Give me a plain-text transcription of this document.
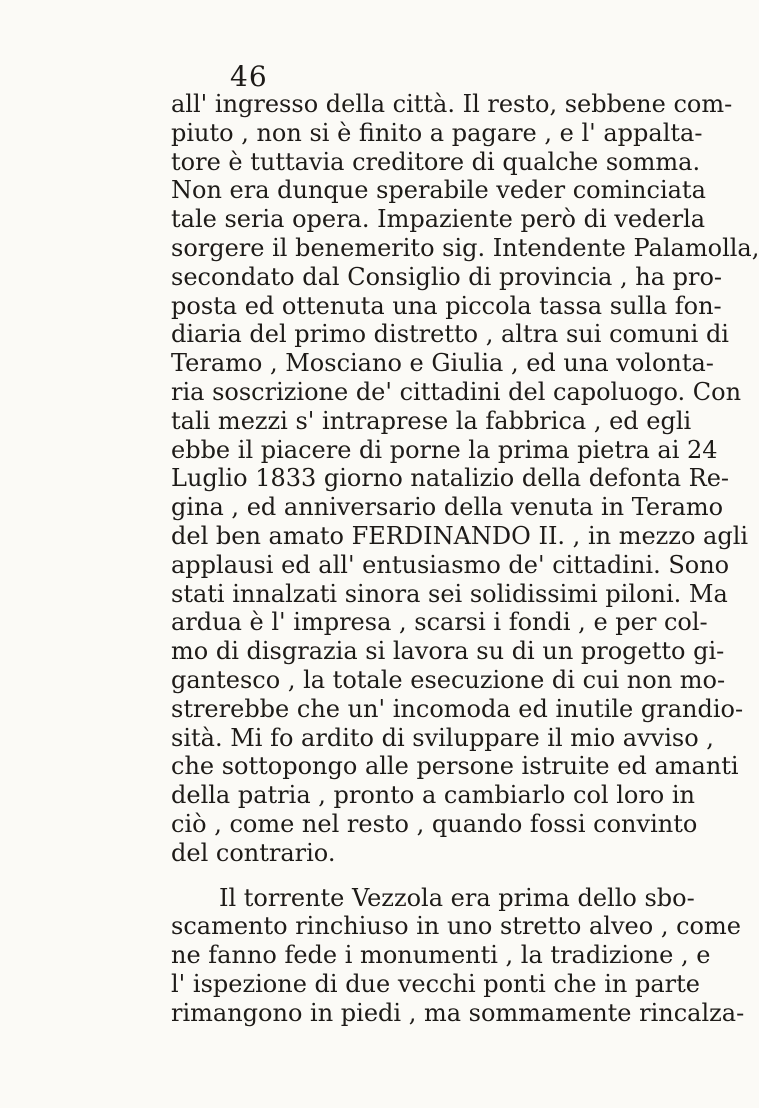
46
all' ingresso della città. Il resto, sebbene com-
piuto , non si è finito a pagare , e l' appalta-
tore è tuttavia creditore di qualche somma.
Non era dunque sperabile veder cominciata
tale seria opera. Impaziente però di vederla
sorgere il benemerito sig. Intendente Palamolla,
secondato dal Consiglio di provincia , ha pro-
posta ed ottenuta una piccola tassa sulla fon-
diaria del primo distretto , altra sui comuni di
Teramo , Mosciano e Giulia , ed una volonta-
ria soscrizione de' cittadini del capoluogo. Con
tali mezzi s' intraprese la fabbrica , ed egli
ebbe il piacere di porne la prima pietra ai 24
Luglio 1833 giorno natalizio della defonta Re-
gina , ed anniversario della venuta in Teramo
del ben amato FERDINANDO II. , in mezzo agli
applausi ed all' entusiasmo de' cittadini. Sono
stati innalzati sinora sei solidissimi piloni. Ma
ardua è l' impresa , scarsi i fondi , e per col-
mo di disgrazia si lavora su di un progetto gi-
gantesco , la totale esecuzione di cui non mo-
strerebbe che un' incomoda ed inutile grandio-
sità. Mi fo ardito di sviluppare il mio avviso ,
che sottopongo alle persone istruite ed amanti
della patria , pronto a cambiarlo col loro in
ciò , come nel resto , quando fossi convinto
del contrario.
Il torrente Vezzola era prima dello sbo-
scamento rinchiuso in uno stretto alveo , come
ne fanno fede i monumenti , la tradizione , e
l' ispezione di due vecchi ponti che in parte
rimangono in piedi , ma sommamente rincalza-
